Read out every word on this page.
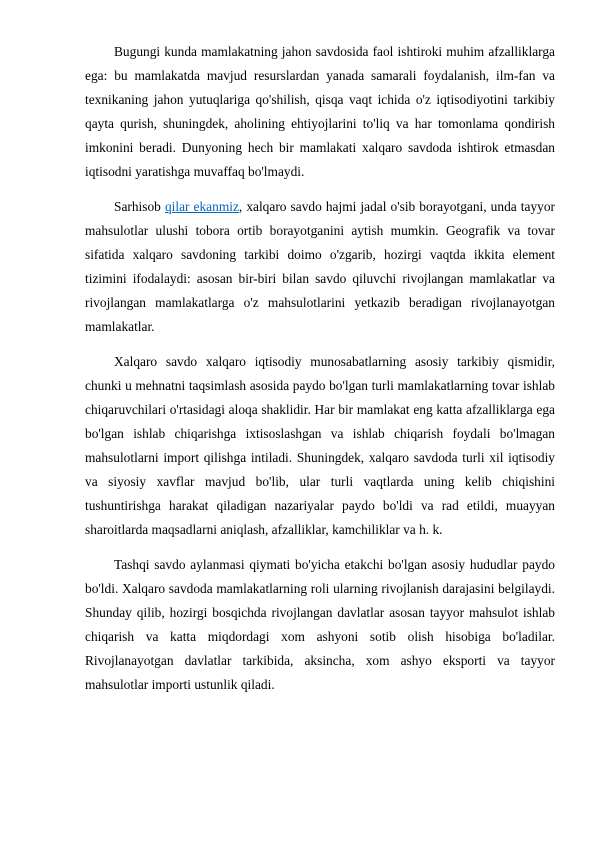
Bugungi kunda mamlakatning jahon savdosida faol ishtiroki muhim afzalliklarga ega: bu mamlakatda mavjud resurslardan yanada samarali foydalanish, ilm-fan va texnikaning jahon yutuqlariga qo'shilish, qisqa vaqt ichida o'z iqtisodiyotini tarkibiy qayta qurish, shuningdek, aholining ehtiyojlarini to'liq va har tomonlama qondirish imkonini beradi. Dunyoning hech bir mamlakati xalqaro savdoda ishtirok etmasdan iqtisodni yaratishga muvaffaq bo'lmaydi.

Sarhisob qilar ekanmiz, xalqaro savdo hajmi jadal o'sib borayotgani, unda tayyor mahsulotlar ulushi tobora ortib borayotganini aytish mumkin. Geografik va tovar sifatida xalqaro savdoning tarkibi doimo o'zgarib, hozirgi vaqtda ikkita element tizimini ifodalaydi: asosan bir-biri bilan savdo qiluvchi rivojlangan mamlakatlar va rivojlangan mamlakatlarga o'z mahsulotlarini yetkazib beradigan rivojlanayotgan mamlakatlar.

Xalqaro savdo xalqaro iqtisodiy munosabatlarning asosiy tarkibiy qismidir, chunki u mehnatni taqsimlash asosida paydo bo'lgan turli mamlakatlarning tovar ishlab chiqaruvchilari o'rtasidagi aloqa shaklidir. Har bir mamlakat eng katta afzalliklarga ega bo'lgan ishlab chiqarishga ixtisoslashgan va ishlab chiqarish foydali bo'lmagan mahsulotlarni import qilishga intiladi. Shuningdek, xalqaro savdoda turli xil iqtisodiy va siyosiy xavflar mavjud bo'lib, ular turli vaqtlarda uning kelib chiqishini tushuntirishga harakat qiladigan nazariyalar paydo bo'ldi va rad etildi, muayyan sharoitlarda maqsadlarni aniqlash, afzalliklar, kamchiliklar va h. k.

Tashqi savdo aylanmasi qiymati bo'yicha etakchi bo'lgan asosiy hududlar paydo bo'ldi. Xalqaro savdoda mamlakatlarning roli ularning rivojlanish darajasini belgilaydi. Shunday qilib, hozirgi bosqichda rivojlangan davlatlar asosan tayyor mahsulot ishlab chiqarish va katta miqdordagi xom ashyoni sotib olish hisobiga bo'ladilar. Rivojlanayotgan davlatlar tarkibida, aksincha, xom ashyo eksporti va tayyor mahsulotlar importi ustunlik qiladi.
